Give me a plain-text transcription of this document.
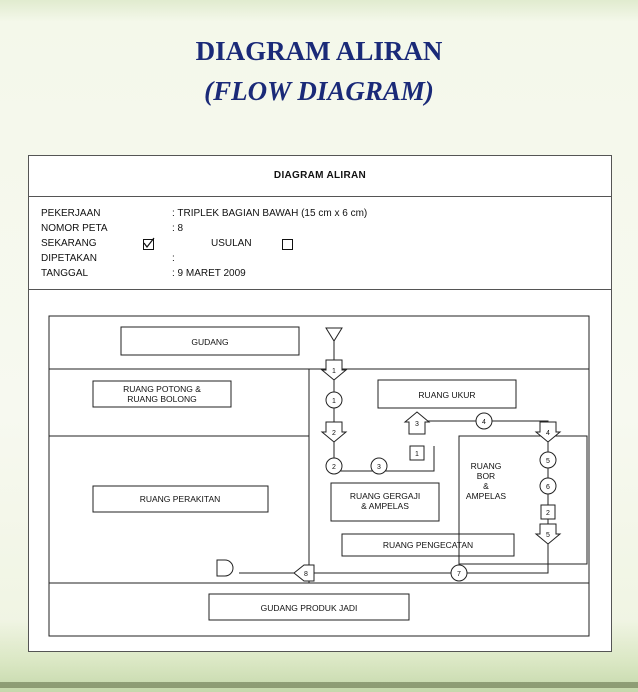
DIAGRAM ALIRAN
(FLOW DIAGRAM)
DIAGRAM ALIRAN
PEKERJAAN	: TRIPLEK BAGIAN BAWAH (15 cm x 6 cm)
NOMOR PETA	: 8
SEKARANG	USULAN
DIPETAKAN	:
TANGGAL	: 9 MARET 2009
GUDANG
RUANG POTONG &
RUANG BOLONG	RUANG UKUR
RUANG PERAKITAN	RUANG GERGAJI
& AMPELAS
RUANG
BOR
&
AMPELAS
RUANG PENGECATAN
GUDANG PRODUK JADI
1
1
2
2	3
1
3	4
4
5
6
2
5
7
8
